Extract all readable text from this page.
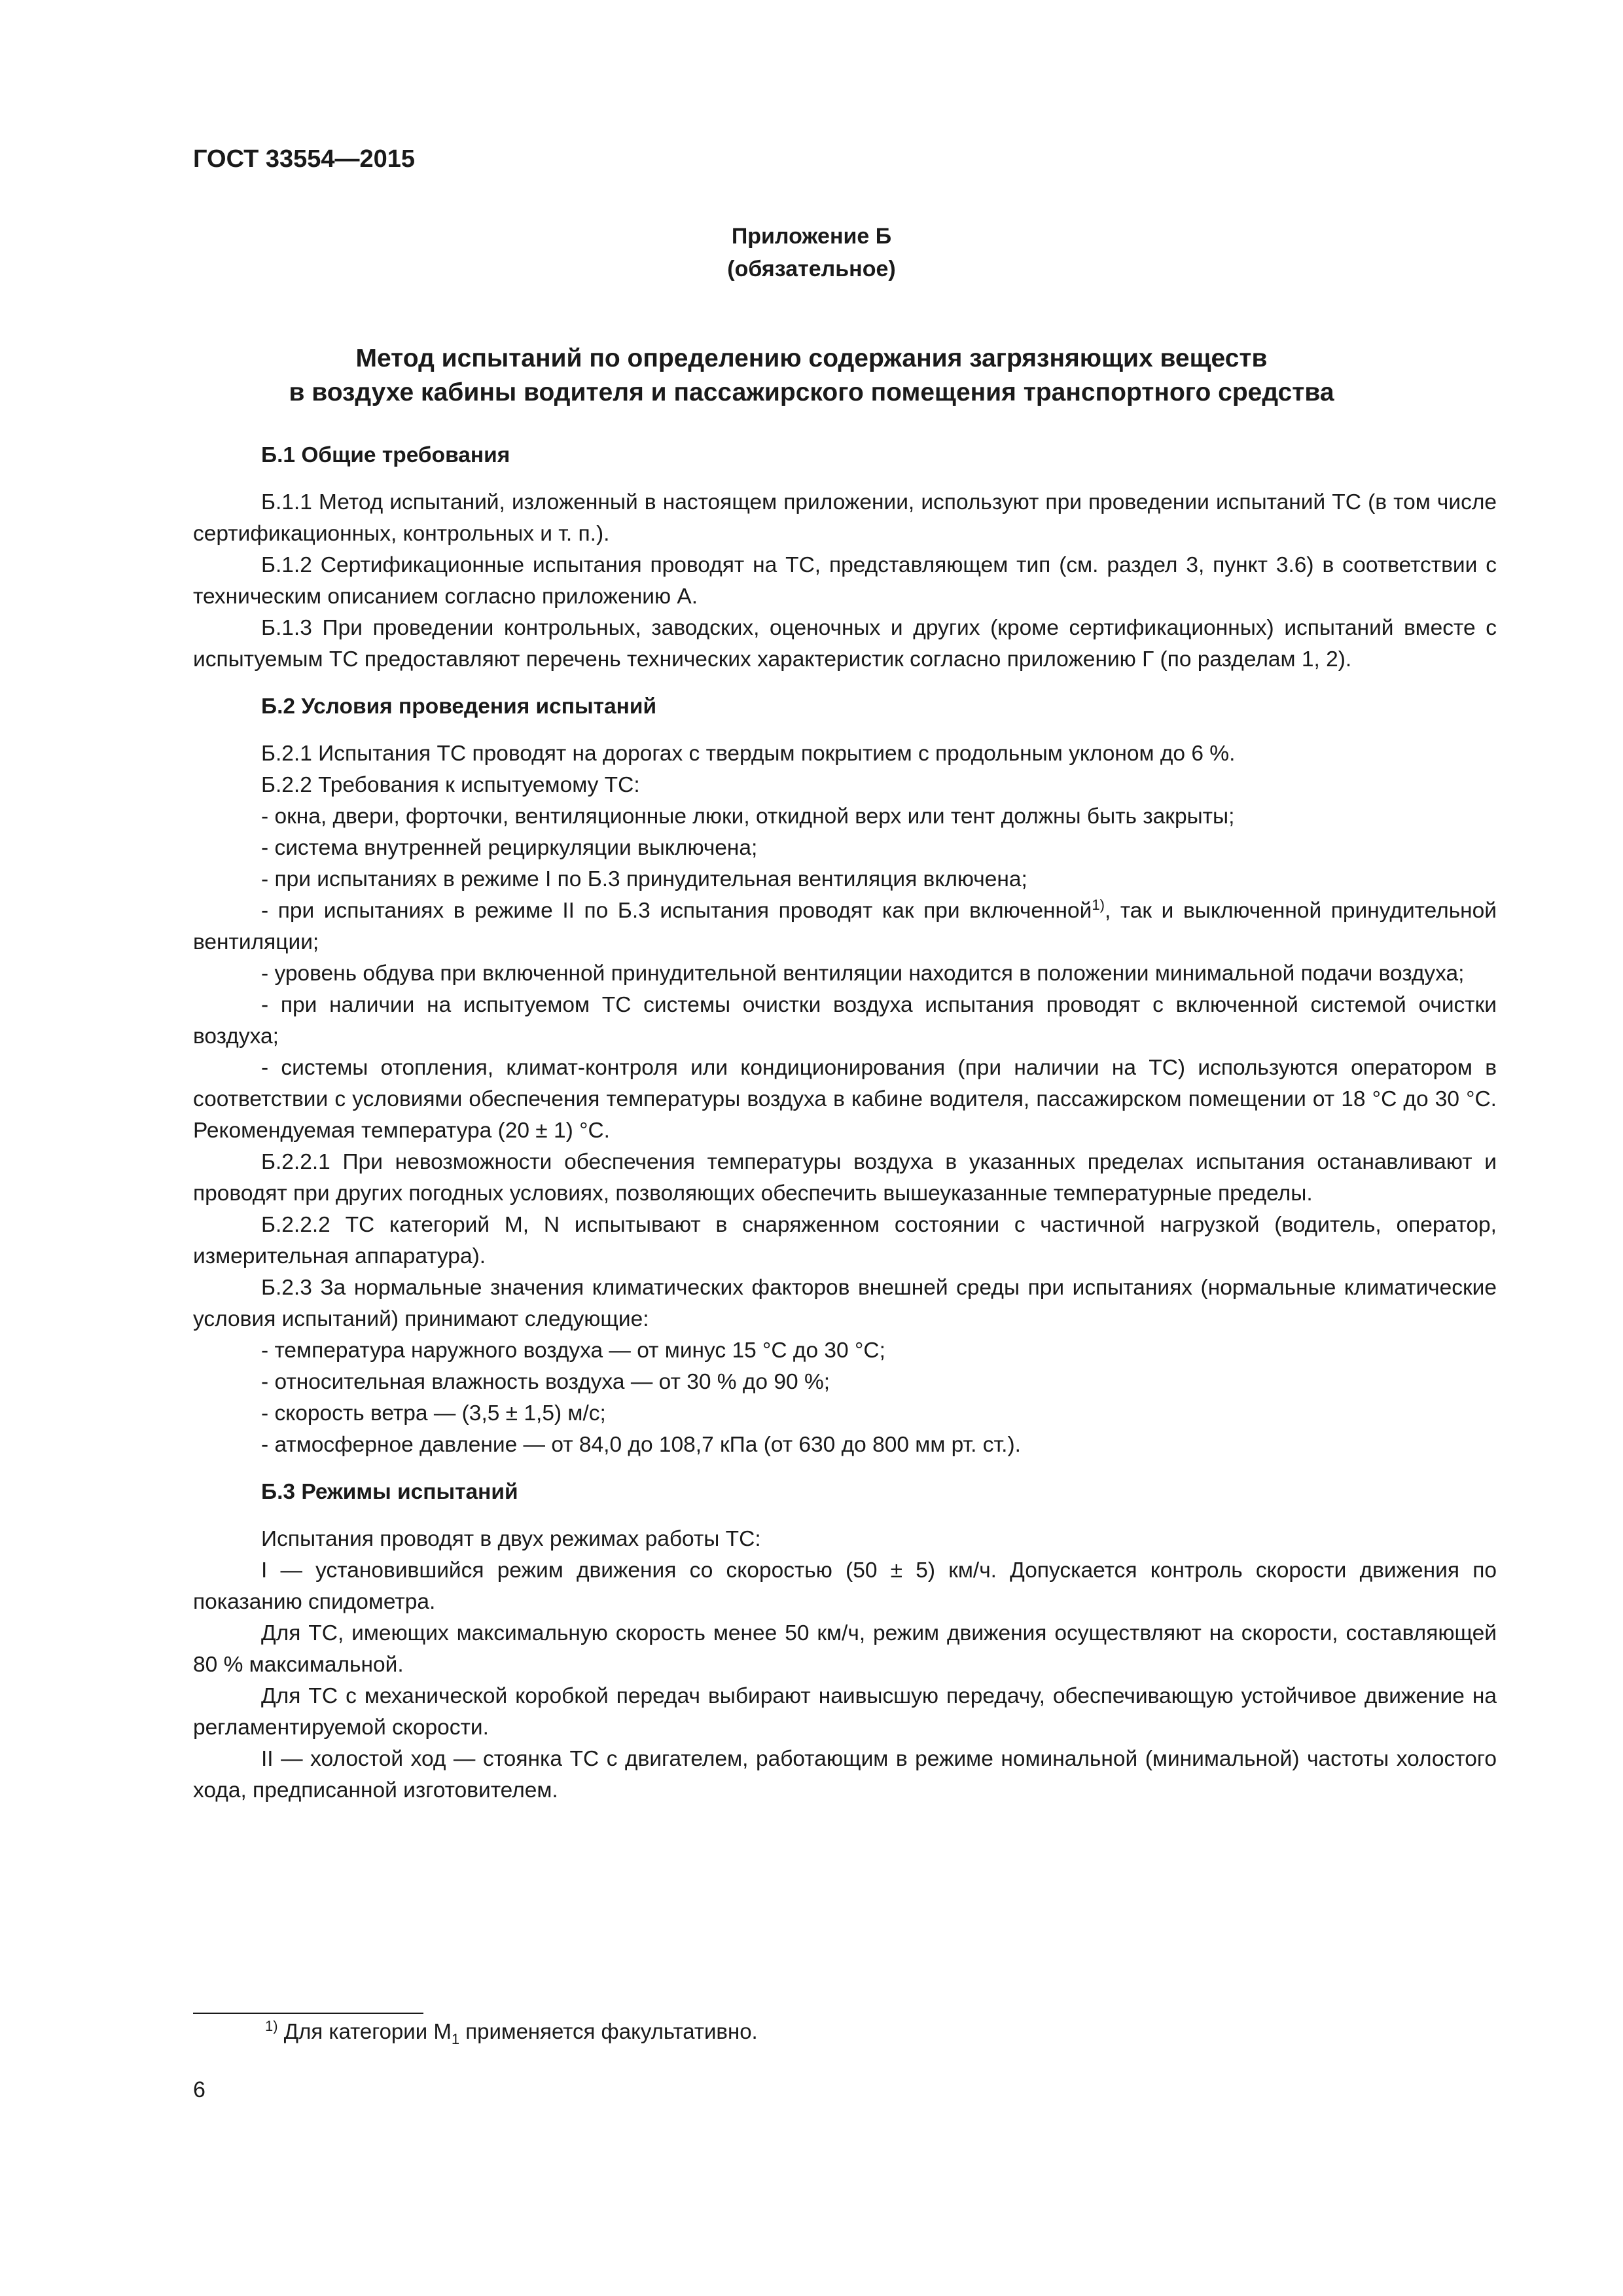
ГОСТ 33554—2015
Приложение Б
(обязательное)
Метод испытаний по определению содержания загрязняющих веществ
в воздухе кабины водителя и пассажирского помещения транспортного средства

Б.1 Общие требования

Б.1.1 Метод испытаний, изложенный в настоящем приложении, используют при проведении испытаний ТС (в том числе сертификационных, контрольных и т. п.).

Б.1.2 Сертификационные испытания проводят на ТС, представляющем тип (см. раздел 3, пункт 3.6) в соответствии с техническим описанием согласно приложению А.

Б.1.3 При проведении контрольных, заводских, оценочных и других (кроме сертификационных) испытаний вместе с испытуемым ТС предоставляют перечень технических характеристик согласно приложению Г (по разделам 1, 2).

Б.2 Условия проведения испытаний

Б.2.1 Испытания ТС проводят на дорогах с твердым покрытием с продольным уклоном до 6 %.

Б.2.2 Требования к испытуемому ТС:

- окна, двери, форточки, вентиляционные люки, откидной верх или тент должны быть закрыты;

- система внутренней рециркуляции выключена;

- при испытаниях в режиме I по Б.3 принудительная вентиляция включена;

- при испытаниях в режиме II по Б.3 испытания проводят как при включенной$^{1)}$, так и выключенной принудительной вентиляции;

- уровень обдува при включенной принудительной вентиляции находится в положении минимальной подачи воздуха;

- при наличии на испытуемом ТС системы очистки воздуха испытания проводят с включенной системой очистки воздуха;

- системы отопления, климат-контроля или кондиционирования (при наличии на ТС) используются оператором в соответствии с условиями обеспечения температуры воздуха в кабине водителя, пассажирском помещении от 18 °С до 30 °С. Рекомендуемая температура (20 ± 1) °С.

Б.2.2.1 При невозможности обеспечения температуры воздуха в указанных пределах испытания останавливают и проводят при других погодных условиях, позволяющих обеспечить вышеуказанные температурные пределы.

Б.2.2.2 ТС категорий М, N испытывают в снаряженном состоянии с частичной нагрузкой (водитель, оператор, измерительная аппаратура).

Б.2.3 За нормальные значения климатических факторов внешней среды при испытаниях (нормальные климатические условия испытаний) принимают следующие:

- температура наружного воздуха — от минус 15 °С до 30 °С;

- относительная влажность воздуха — от 30 % до 90 %;

- скорость ветра — (3,5 ± 1,5) м/с;

- атмосферное давление — от 84,0 до 108,7 кПа (от 630 до 800 мм рт. ст.).

Б.3 Режимы испытаний

Испытания проводят в двух режимах работы ТС:

I — установившийся режим движения со скоростью (50 ± 5) км/ч. Допускается контроль скорости движения по показанию спидометра.

Для ТС, имеющих максимальную скорость менее 50 км/ч, режим движения осуществляют на скорости, составляющей 80 % максимальной.

Для ТС с механической коробкой передач выбирают наивысшую передачу, обеспечивающую устойчивое движение на регламентируемой скорости.

II — холостой ход — стоянка ТС с двигателем, работающим в режиме номинальной (минимальной) частоты холостого хода, предписанной изготовителем.

$^{1)}$ Для категории $М_1$ применяется факультативно.
6
